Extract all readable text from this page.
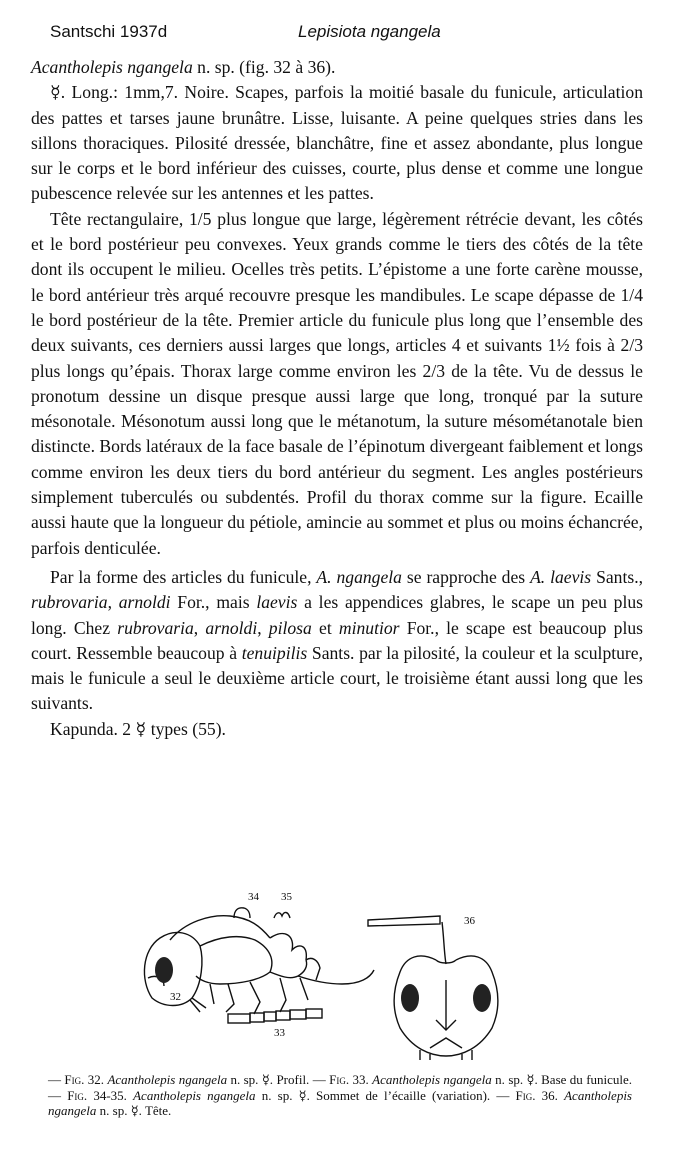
Santschi 1937d	Lepisiota ngangela

Acantholepis ngangela n. sp. (fig. 32 à 36).

☿. Long.: 1mm,7. Noire. Scapes, parfois la moitié basale du funicule, articulation des pattes et tarses jaune brunâtre. Lisse, luisante. A peine quelques stries dans les sillons thoraciques. Pilosité dressée, blanchâtre, fine et assez abondante, plus longue sur le corps et le bord inférieur des cuisses, courte, plus dense et comme une longue pubescence relevée sur les antennes et les pattes.

Tête rectangulaire, 1/5 plus longue que large, légèrement rétrécie devant, les côtés et le bord postérieur peu convexes. Yeux grands comme le tiers des côtés de la tête dont ils occupent le milieu. Ocelles très petits. L’épistome a une forte carène mousse, le bord antérieur très arqué recouvre presque les mandibules. Le scape dépasse de 1/4 le bord postérieur de la tête. Premier article du funicule plus long que l’ensemble des deux suivants, ces derniers aussi larges que longs, articles 4 et suivants 1½ fois à 2/3 plus longs qu’épais. Thorax large comme environ les 2/3 de la tête. Vu de dessus le pronotum dessine un disque presque aussi large que long, tronqué par la suture mésonotale. Mésonotum aussi long que le métanotum, la suture mésométanotale bien distincte. Bords latéraux de la face basale de l’épinotum divergeant faiblement et longs comme environ les deux tiers du bord antérieur du segment. Les angles postérieurs simplement tuberculés ou subdentés. Profil du thorax comme sur la figure. Ecaille aussi haute que la longueur du pétiole, amincie au sommet et plus ou moins échancrée, parfois denticulée.

Par la forme des articles du funicule, A. ngangela se rapproche des A. laevis Sants., rubrovaria, arnoldi For., mais laevis a les appendices glabres, le scape un peu plus long. Chez rubrovaria, arnoldi, pilosa et minutior For., le scape est beaucoup plus court. Ressemble beaucoup à tenuipilis Sants. par la pilosité, la couleur et la sculpture, mais le funicule a seul le deuxième article court, le troisième étant aussi long que les suivants.

Kapunda. 2 ☿ types (55).

32
33
34 35
36
— Fig. 32. Acantholepis ngangela n. sp. ☿. Profil. — Fig. 33. Acantholepis ngangela n. sp. ☿. Base du funicule. — Fig. 34-35. Acantholepis ngangela n. sp. ☿. Sommet de l’écaille (variation). — Fig. 36. Acantholepis ngangela n. sp. ☿. Tête.
